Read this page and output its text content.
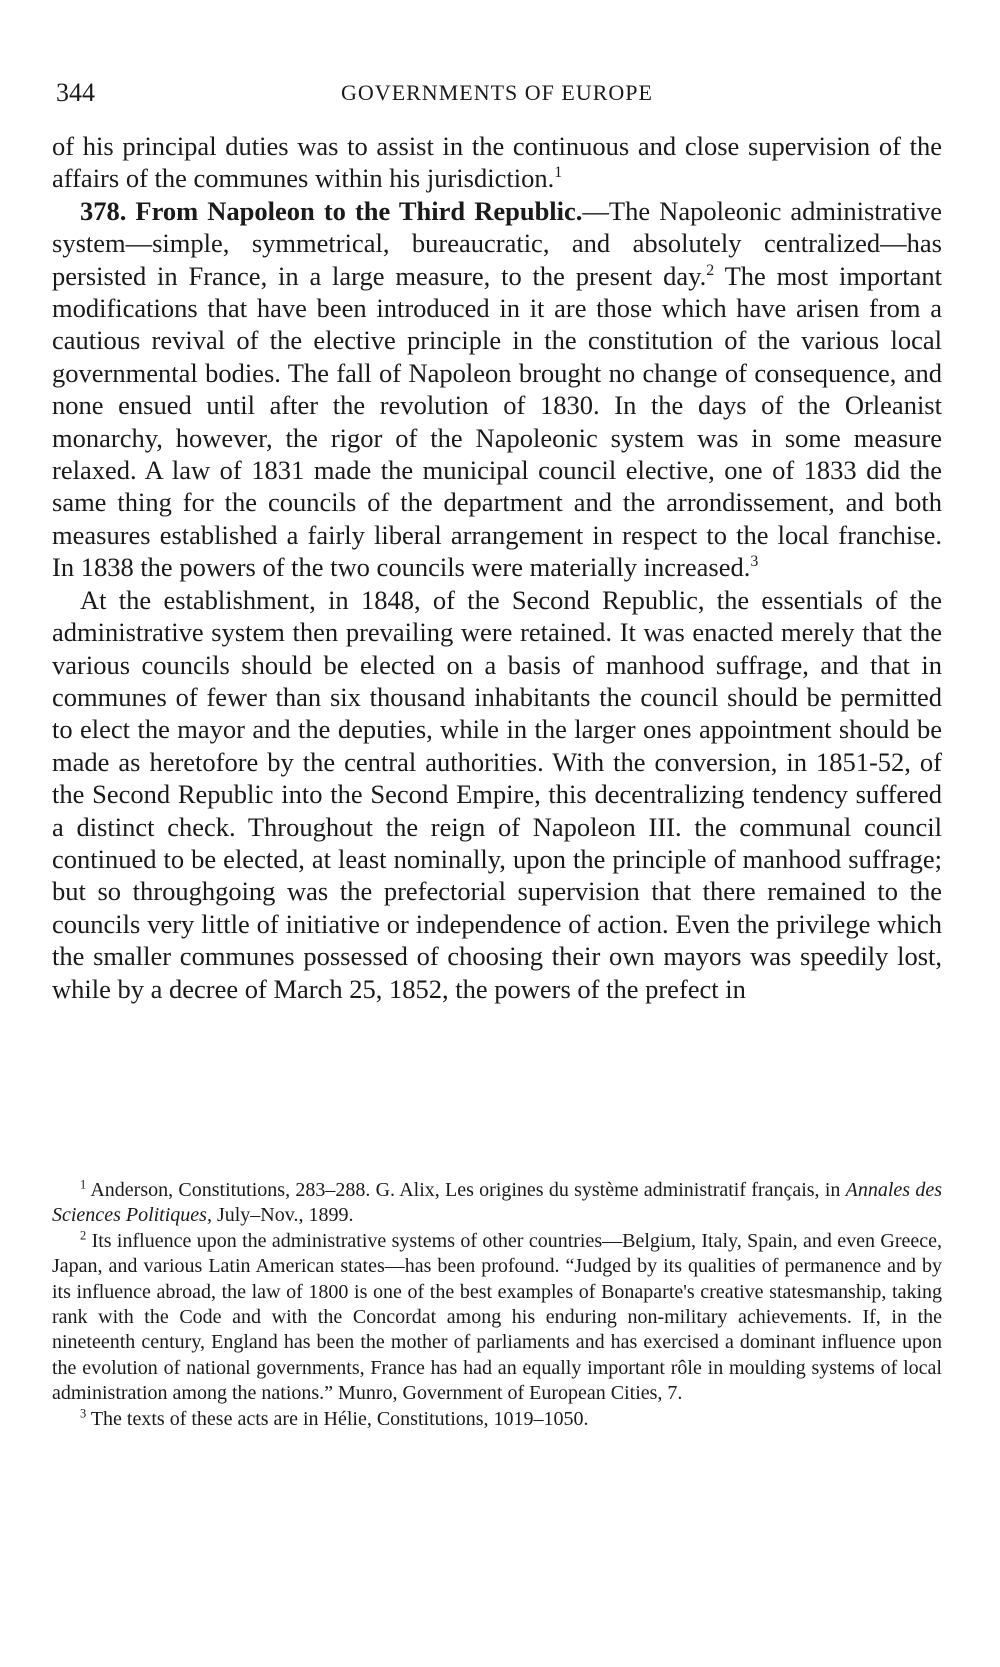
344	GOVERNMENTS OF EUROPE

of his principal duties was to assist in the continuous and close supervision of the affairs of the communes within his jurisdiction.$^1$

378. From Napoleon to the Third Republic.—The Napoleonic administrative system—simple, symmetrical, bureaucratic, and absolutely centralized—has persisted in France, in a large measure, to the present day.$^2$ The most important modifications that have been introduced in it are those which have arisen from a cautious revival of the elective principle in the constitution of the various local governmental bodies. The fall of Napoleon brought no change of consequence, and none ensued until after the revolution of 1830. In the days of the Orleanist monarchy, however, the rigor of the Napoleonic system was in some measure relaxed. A law of 1831 made the municipal council elective, one of 1833 did the same thing for the councils of the department and the arrondissement, and both measures established a fairly liberal arrangement in respect to the local franchise. In 1838 the powers of the two councils were materially increased.$^3$

At the establishment, in 1848, of the Second Republic, the essentials of the administrative system then prevailing were retained. It was enacted merely that the various councils should be elected on a basis of manhood suffrage, and that in communes of fewer than six thousand inhabitants the council should be permitted to elect the mayor and the deputies, while in the larger ones appointment should be made as heretofore by the central authorities. With the conversion, in 1851-52, of the Second Republic into the Second Empire, this decentralizing tendency suffered a distinct check. Throughout the reign of Napoleon III. the communal council continued to be elected, at least nominally, upon the principle of manhood suffrage; but so throughgoing was the prefectorial supervision that there remained to the councils very little of initiative or independence of action. Even the privilege which the smaller communes possessed of choosing their own mayors was speedily lost, while by a decree of March 25, 1852, the powers of the prefect in

$^1$ Anderson, Constitutions, 283–288. G. Alix, Les origines du système administratif français, in Annales des Sciences Politiques, July–Nov., 1899.

$^2$ Its influence upon the administrative systems of other countries—Belgium, Italy, Spain, and even Greece, Japan, and various Latin American states—has been profound. “Judged by its qualities of permanence and by its influence abroad, the law of 1800 is one of the best examples of Bonaparte's creative statesmanship, taking rank with the Code and with the Concordat among his enduring non-military achievements. If, in the nineteenth century, England has been the mother of parliaments and has exercised a dominant influence upon the evolution of national governments, France has had an equally important rôle in moulding systems of local administration among the nations.” Munro, Government of European Cities, 7.

$^3$ The texts of these acts are in Hélie, Constitutions, 1019–1050.
